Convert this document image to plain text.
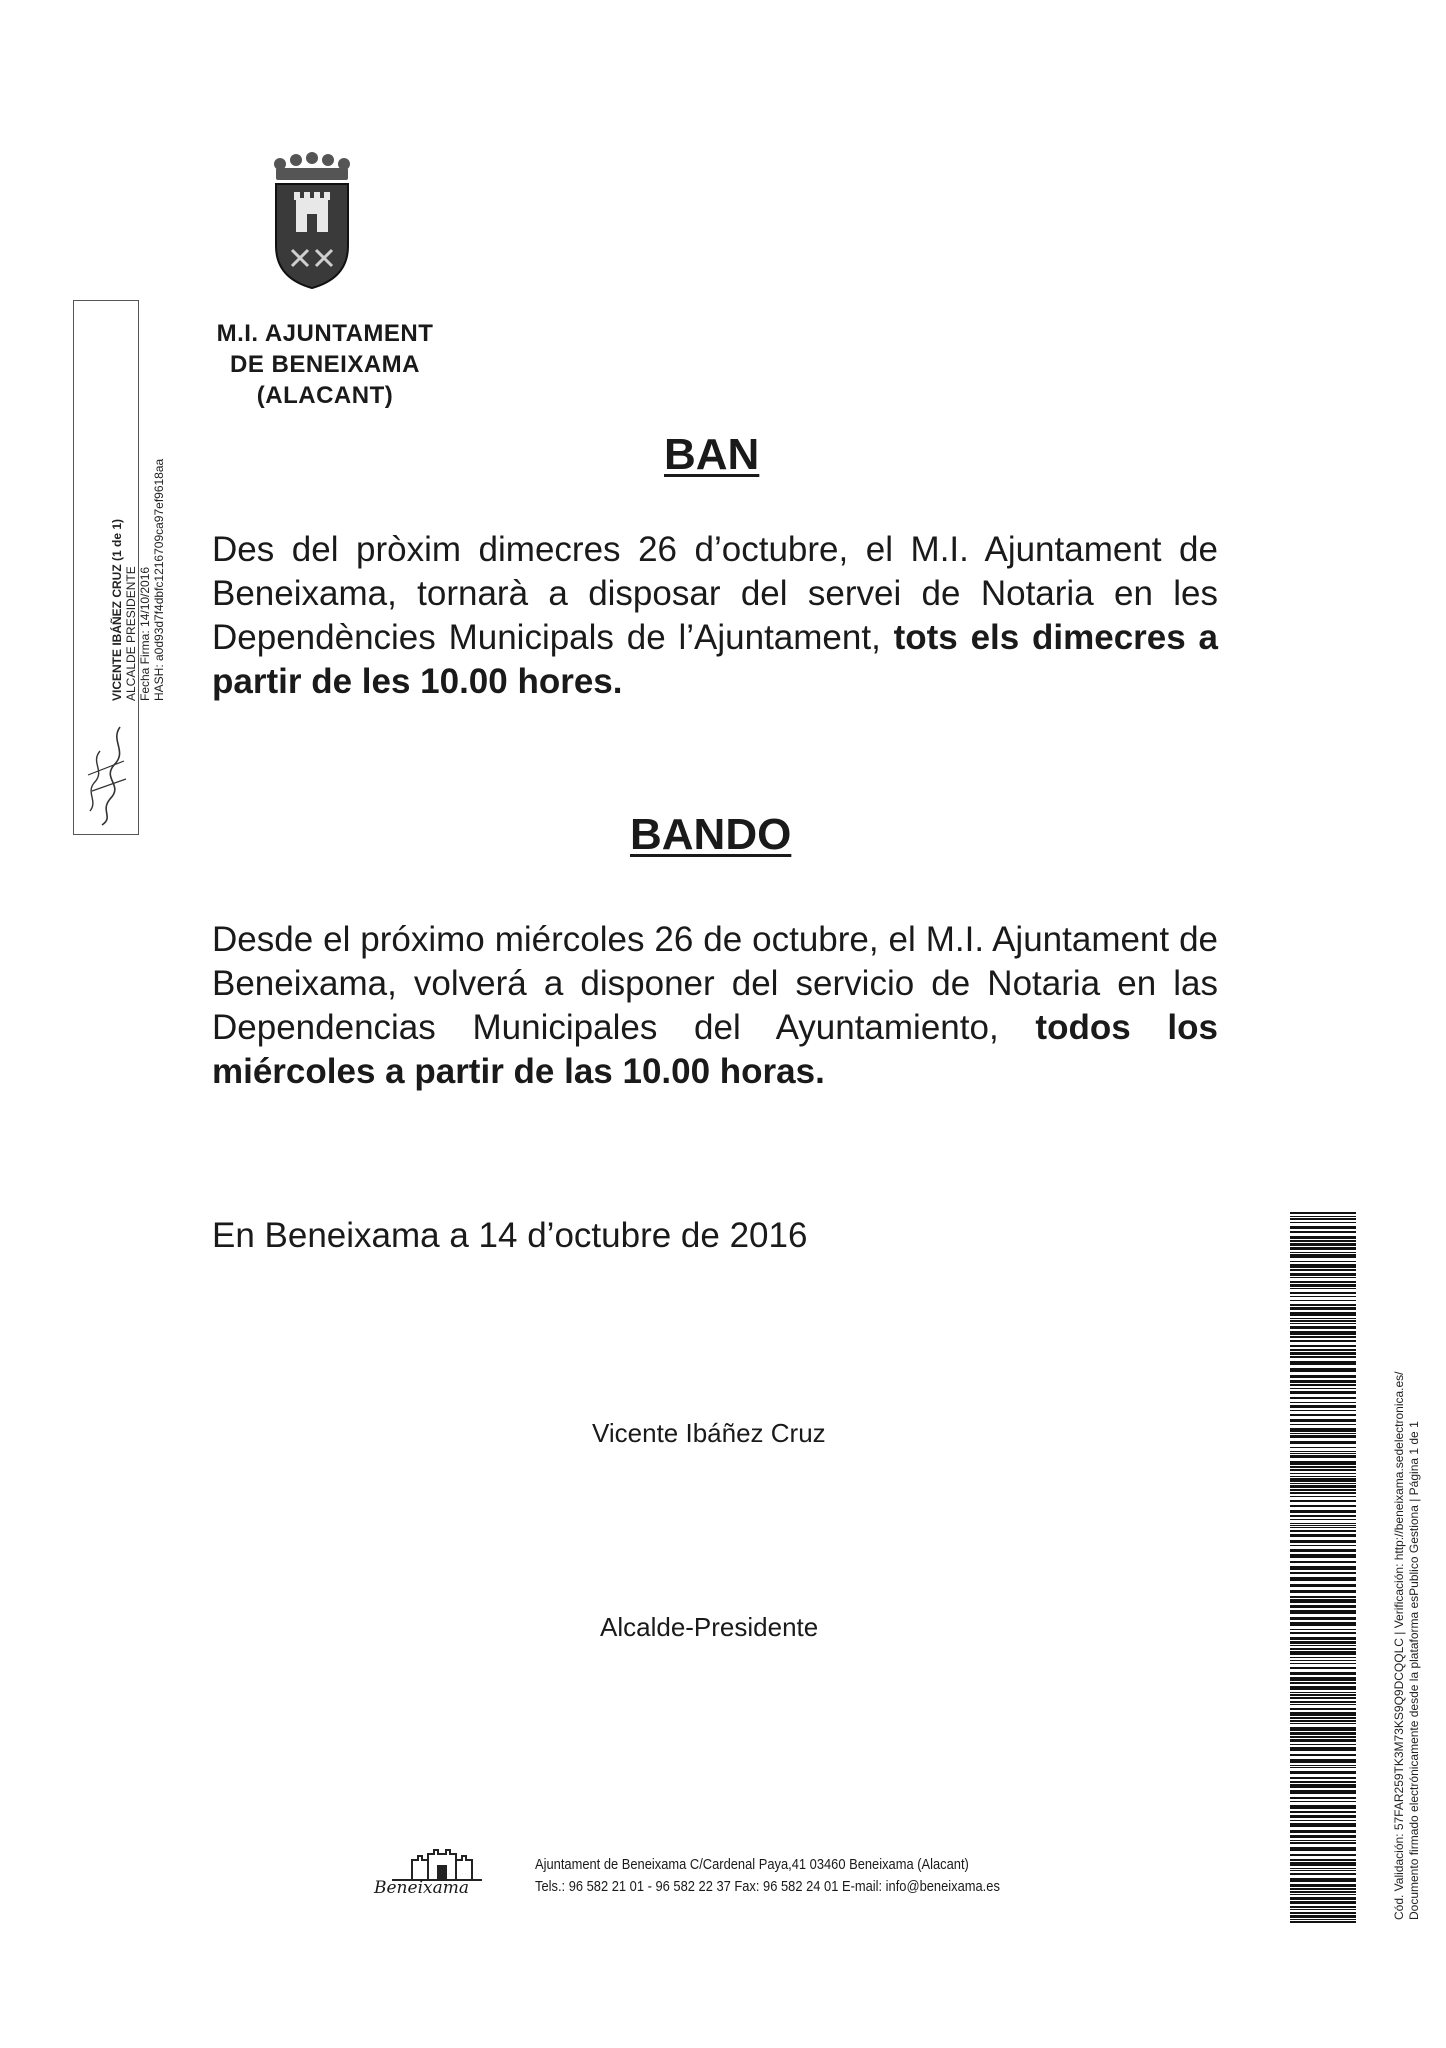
M.I. AJUNTAMENT
DE BENEIXAMA
(ALACANT)
BAN
Des del pròxim dimecres 26 d’octubre, el M.I. Ajuntament de Beneixama, tornarà a disposar del servei de Notaria en les Dependències Municipals de l’Ajuntament, tots els dimecres a partir de les 10.00 hores.
BANDO
Desde el próximo miércoles 26 de octubre, el M.I. Ajuntament de Beneixama, volverá a disponer del servicio de Notaria en las Dependencias Municipales del Ayuntamiento, todos los miércoles a partir de las 10.00 horas.
En Beneixama a 14 d’octubre de 2016
Vicente Ibáñez Cruz
Alcalde-Presidente
VICENTE IBÁÑEZ CRUZ (1 de 1) ALCALDE PRESIDENTE Fecha Firma: 14/10/2016 HASH: a0d93d7f4dbfc1216709ca97ef9618aa
Cód. Validación: 57FAR259TK3M73KS9Q9DCQQLC | Verificación: http://beneixama.sedelectronica.es/ Documento firmado electrónicamente desde la plataforma esPublico Gestiona | Página 1 de 1
Beneixama
Ajuntament de Beneixama C/Cardenal Paya,41 03460 Beneixama (Alacant)
Tels.: 96 582 21 01 - 96 582 22 37 Fax: 96 582 24 01 E-mail: info@beneixama.es
